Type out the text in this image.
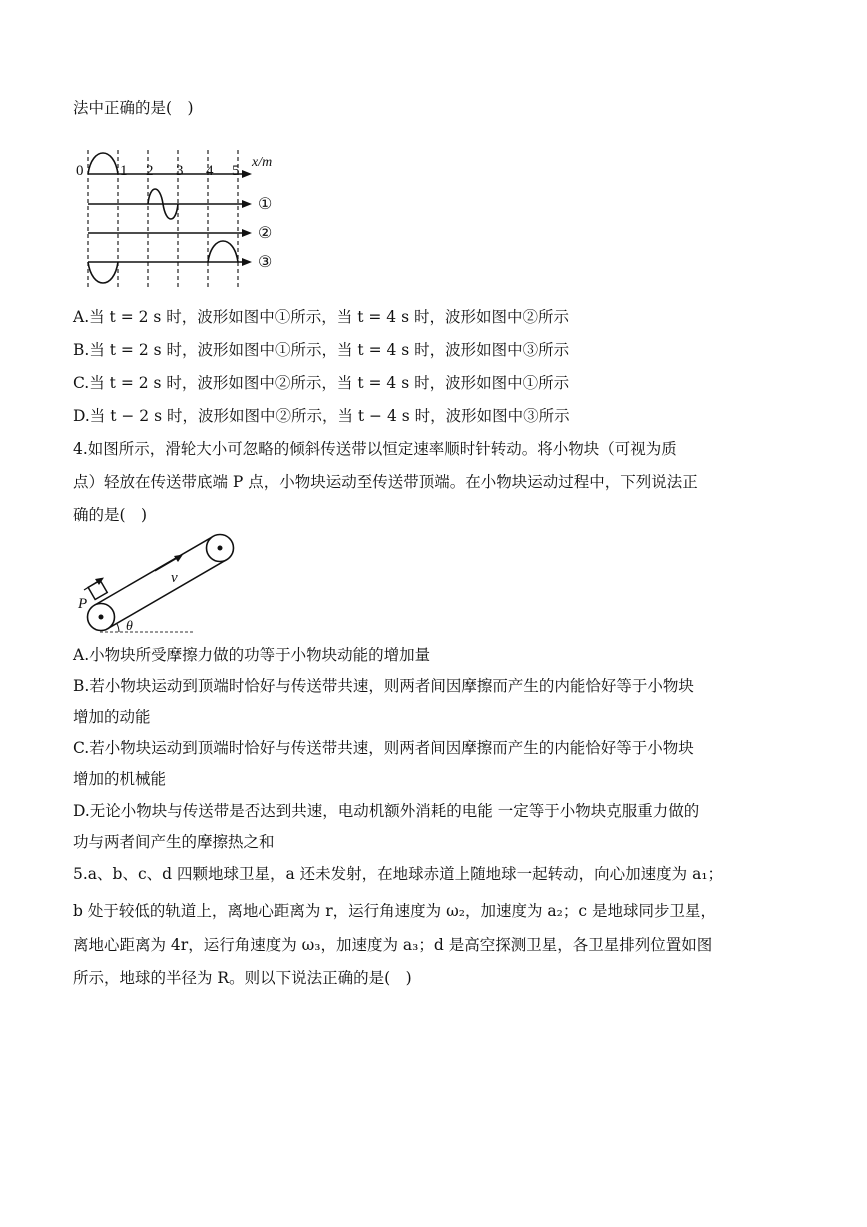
法中正确的是(　)
0 1 2 3 4 5
x/m
①
②
③
A.当 t = 2 s 时，波形如图中①所示，当 t = 4 s 时，波形如图中②所示
B.当 t = 2 s 时，波形如图中①所示，当 t = 4 s 时，波形如图中③所示
C.当 t = 2 s 时，波形如图中②所示，当 t = 4 s 时，波形如图中①所示
D.当 t − 2 s 时，波形如图中②所示，当 t − 4 s 时，波形如图中③所示
4.如图所示，滑轮大小可忽略的倾斜传送带以恒定速率顺时针转动。将小物块（可视为质
点）轻放在传送带底端 P 点，小物块运动至传送带顶端。在小物块运动过程中，下列说法正
确的是(　)
P
v
θ
A.小物块所受摩擦力做的功等于小物块动能的增加量
B.若小物块运动到顶端时恰好与传送带共速，则两者间因摩擦而产生的内能恰好等于小物块
增加的动能
C.若小物块运动到顶端时恰好与传送带共速，则两者间因摩擦而产生的内能恰好等于小物块
增加的机械能
D.无论小物块与传送带是否达到共速，电动机额外消耗的电能 一定等于小物块克服重力做的
功与两者间产生的摩擦热之和
5.a、b、c、d 四颗地球卫星，a 还未发射，在地球赤道上随地球一起转动，向心加速度为 a₁；
b 处于较低的轨道上，离地心距离为 r，运行角速度为 ω₂，加速度为 a₂；c 是地球同步卫星，
离地心距离为 4r，运行角速度为 ω₃，加速度为 a₃；d 是高空探测卫星，各卫星排列位置如图
所示，地球的半径为 R。则以下说法正确的是(　)
